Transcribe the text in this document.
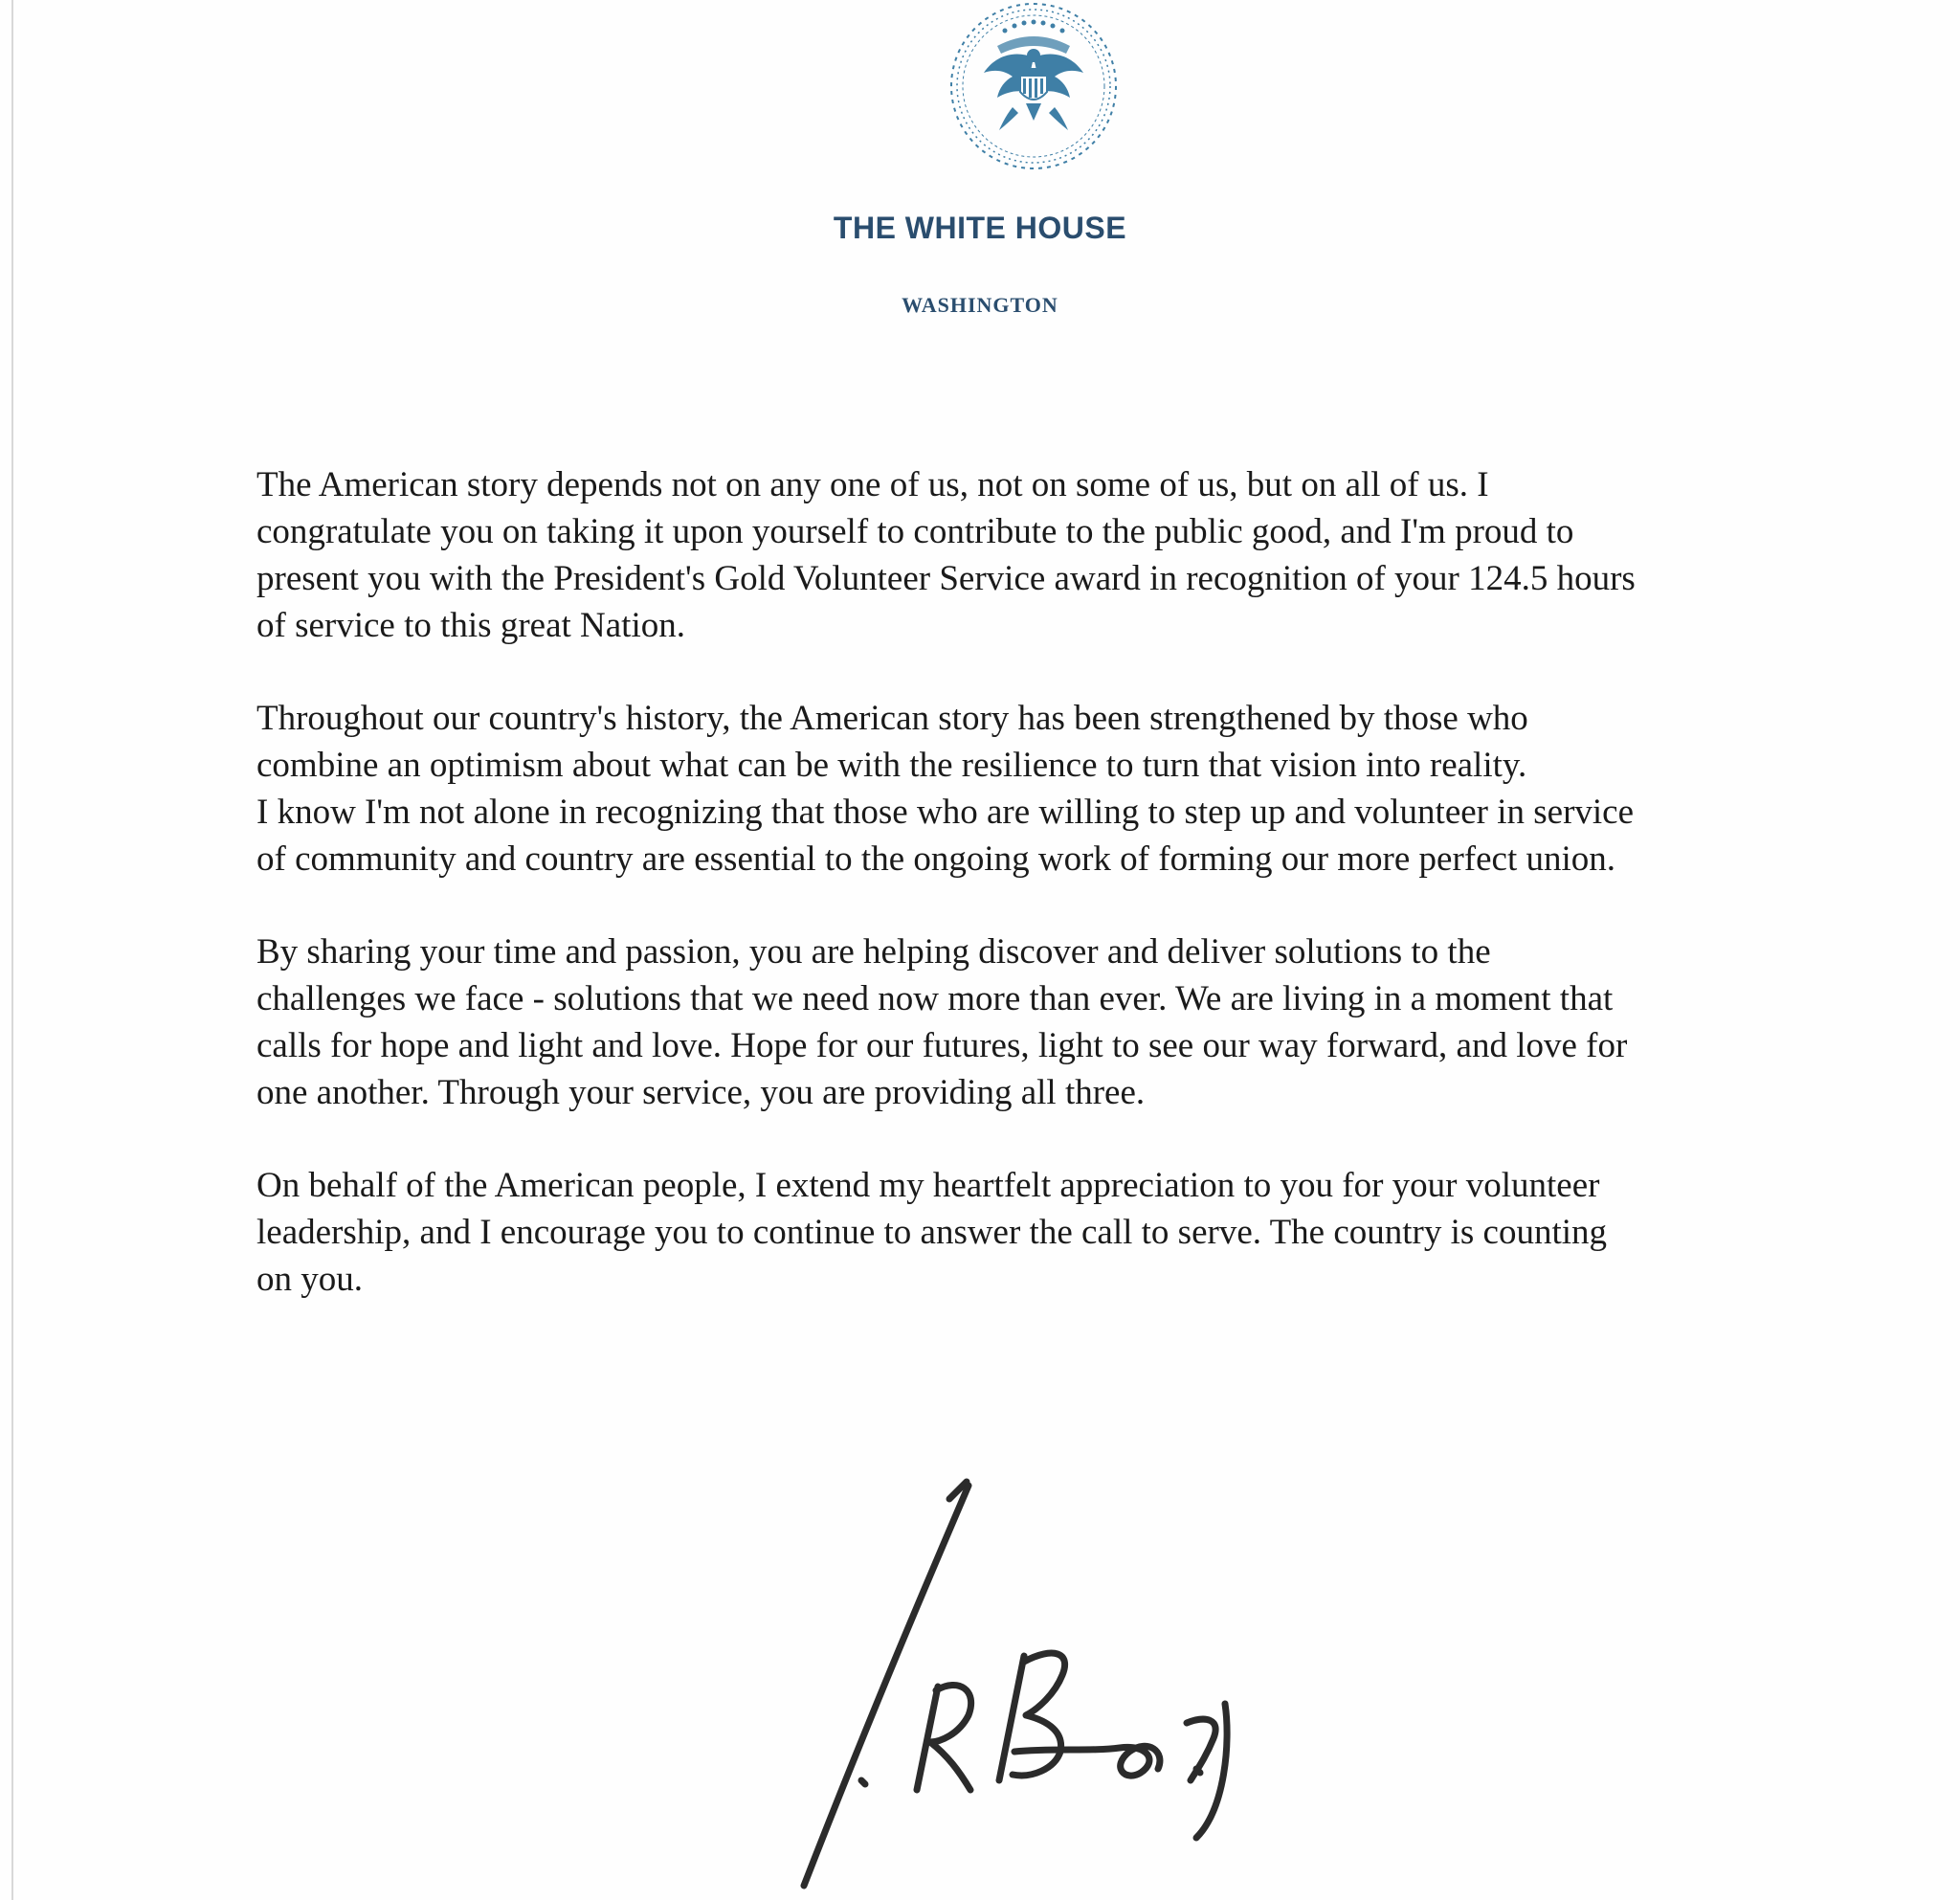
THE WHITE HOUSE
WASHINGTON

The American story depends not on any one of us, not on some of us, but on all of us. I
congratulate you on taking it upon yourself to contribute to the public good, and I'm proud to
present you with the President's Gold Volunteer Service award in recognition of your 124.5 hours
of service to this great Nation.

Throughout our country's history, the American story has been strengthened by those who
combine an optimism about what can be with the resilience to turn that vision into reality.
I know I'm not alone in recognizing that those who are willing to step up and volunteer in service
of community and country are essential to the ongoing work of forming our more perfect union.

By sharing your time and passion, you are helping discover and deliver solutions to the
challenges we face - solutions that we need now more than ever. We are living in a moment that
calls for hope and light and love. Hope for our futures, light to see our way forward, and love for
one another. Through your service, you are providing all three.

On behalf of the American people, I extend my heartfelt appreciation to you for your volunteer
leadership, and I encourage you to continue to answer the call to serve. The country is counting
on you.
